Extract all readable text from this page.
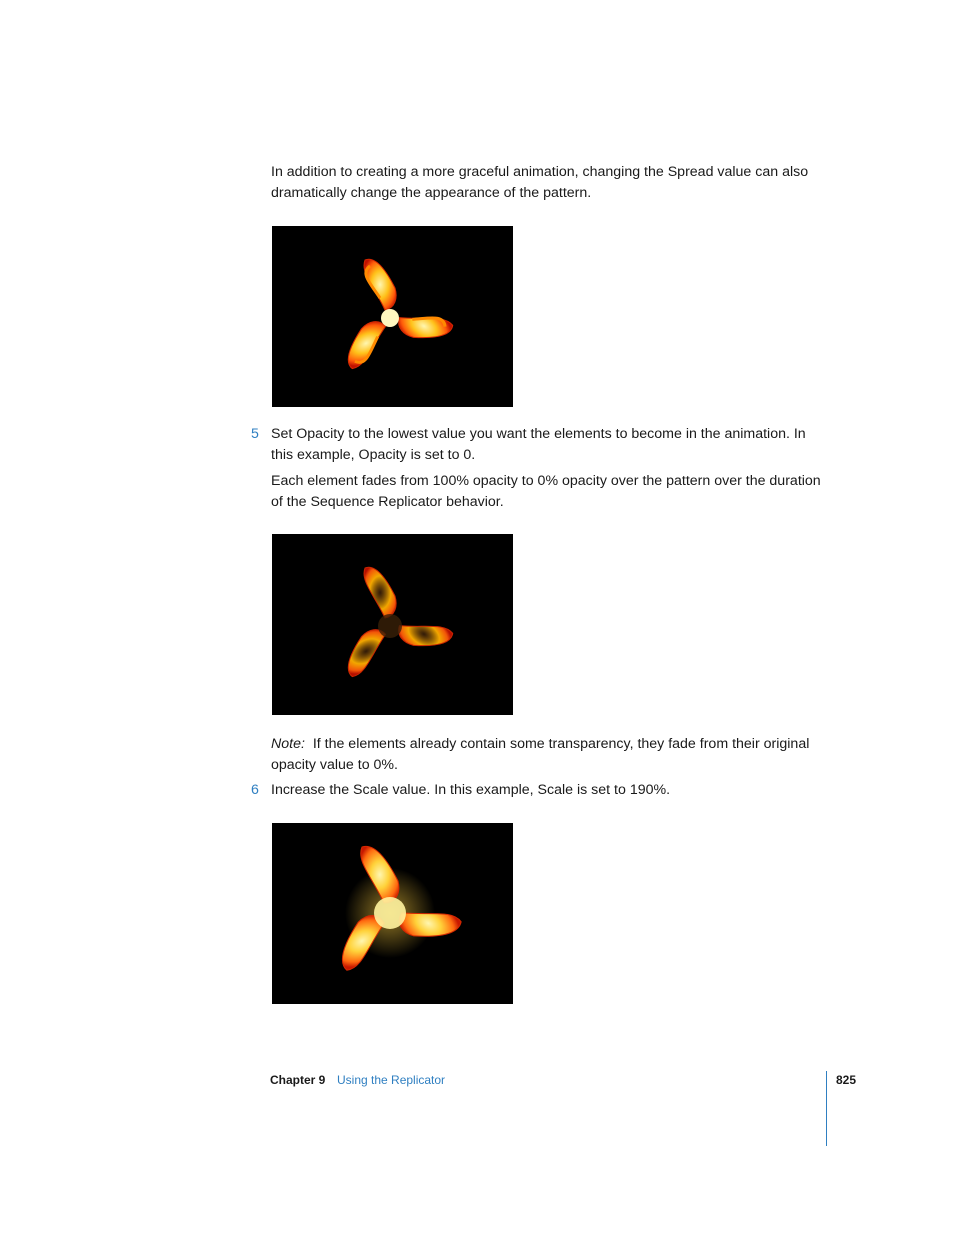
In addition to creating a more graceful animation, changing the Spread value can also dramatically change the appearance of the pattern.

5 Set Opacity to the lowest value you want the elements to become in the animation. In this example, Opacity is set to 0.

Each element fades from 100% opacity to 0% opacity over the pattern over the duration of the Sequence Replicator behavior.

Note: If the elements already contain some transparency, they fade from their original opacity value to 0%.

6 Increase the Scale value. In this example, Scale is set to 190%.

Chapter 9 Using the Replicator	825
